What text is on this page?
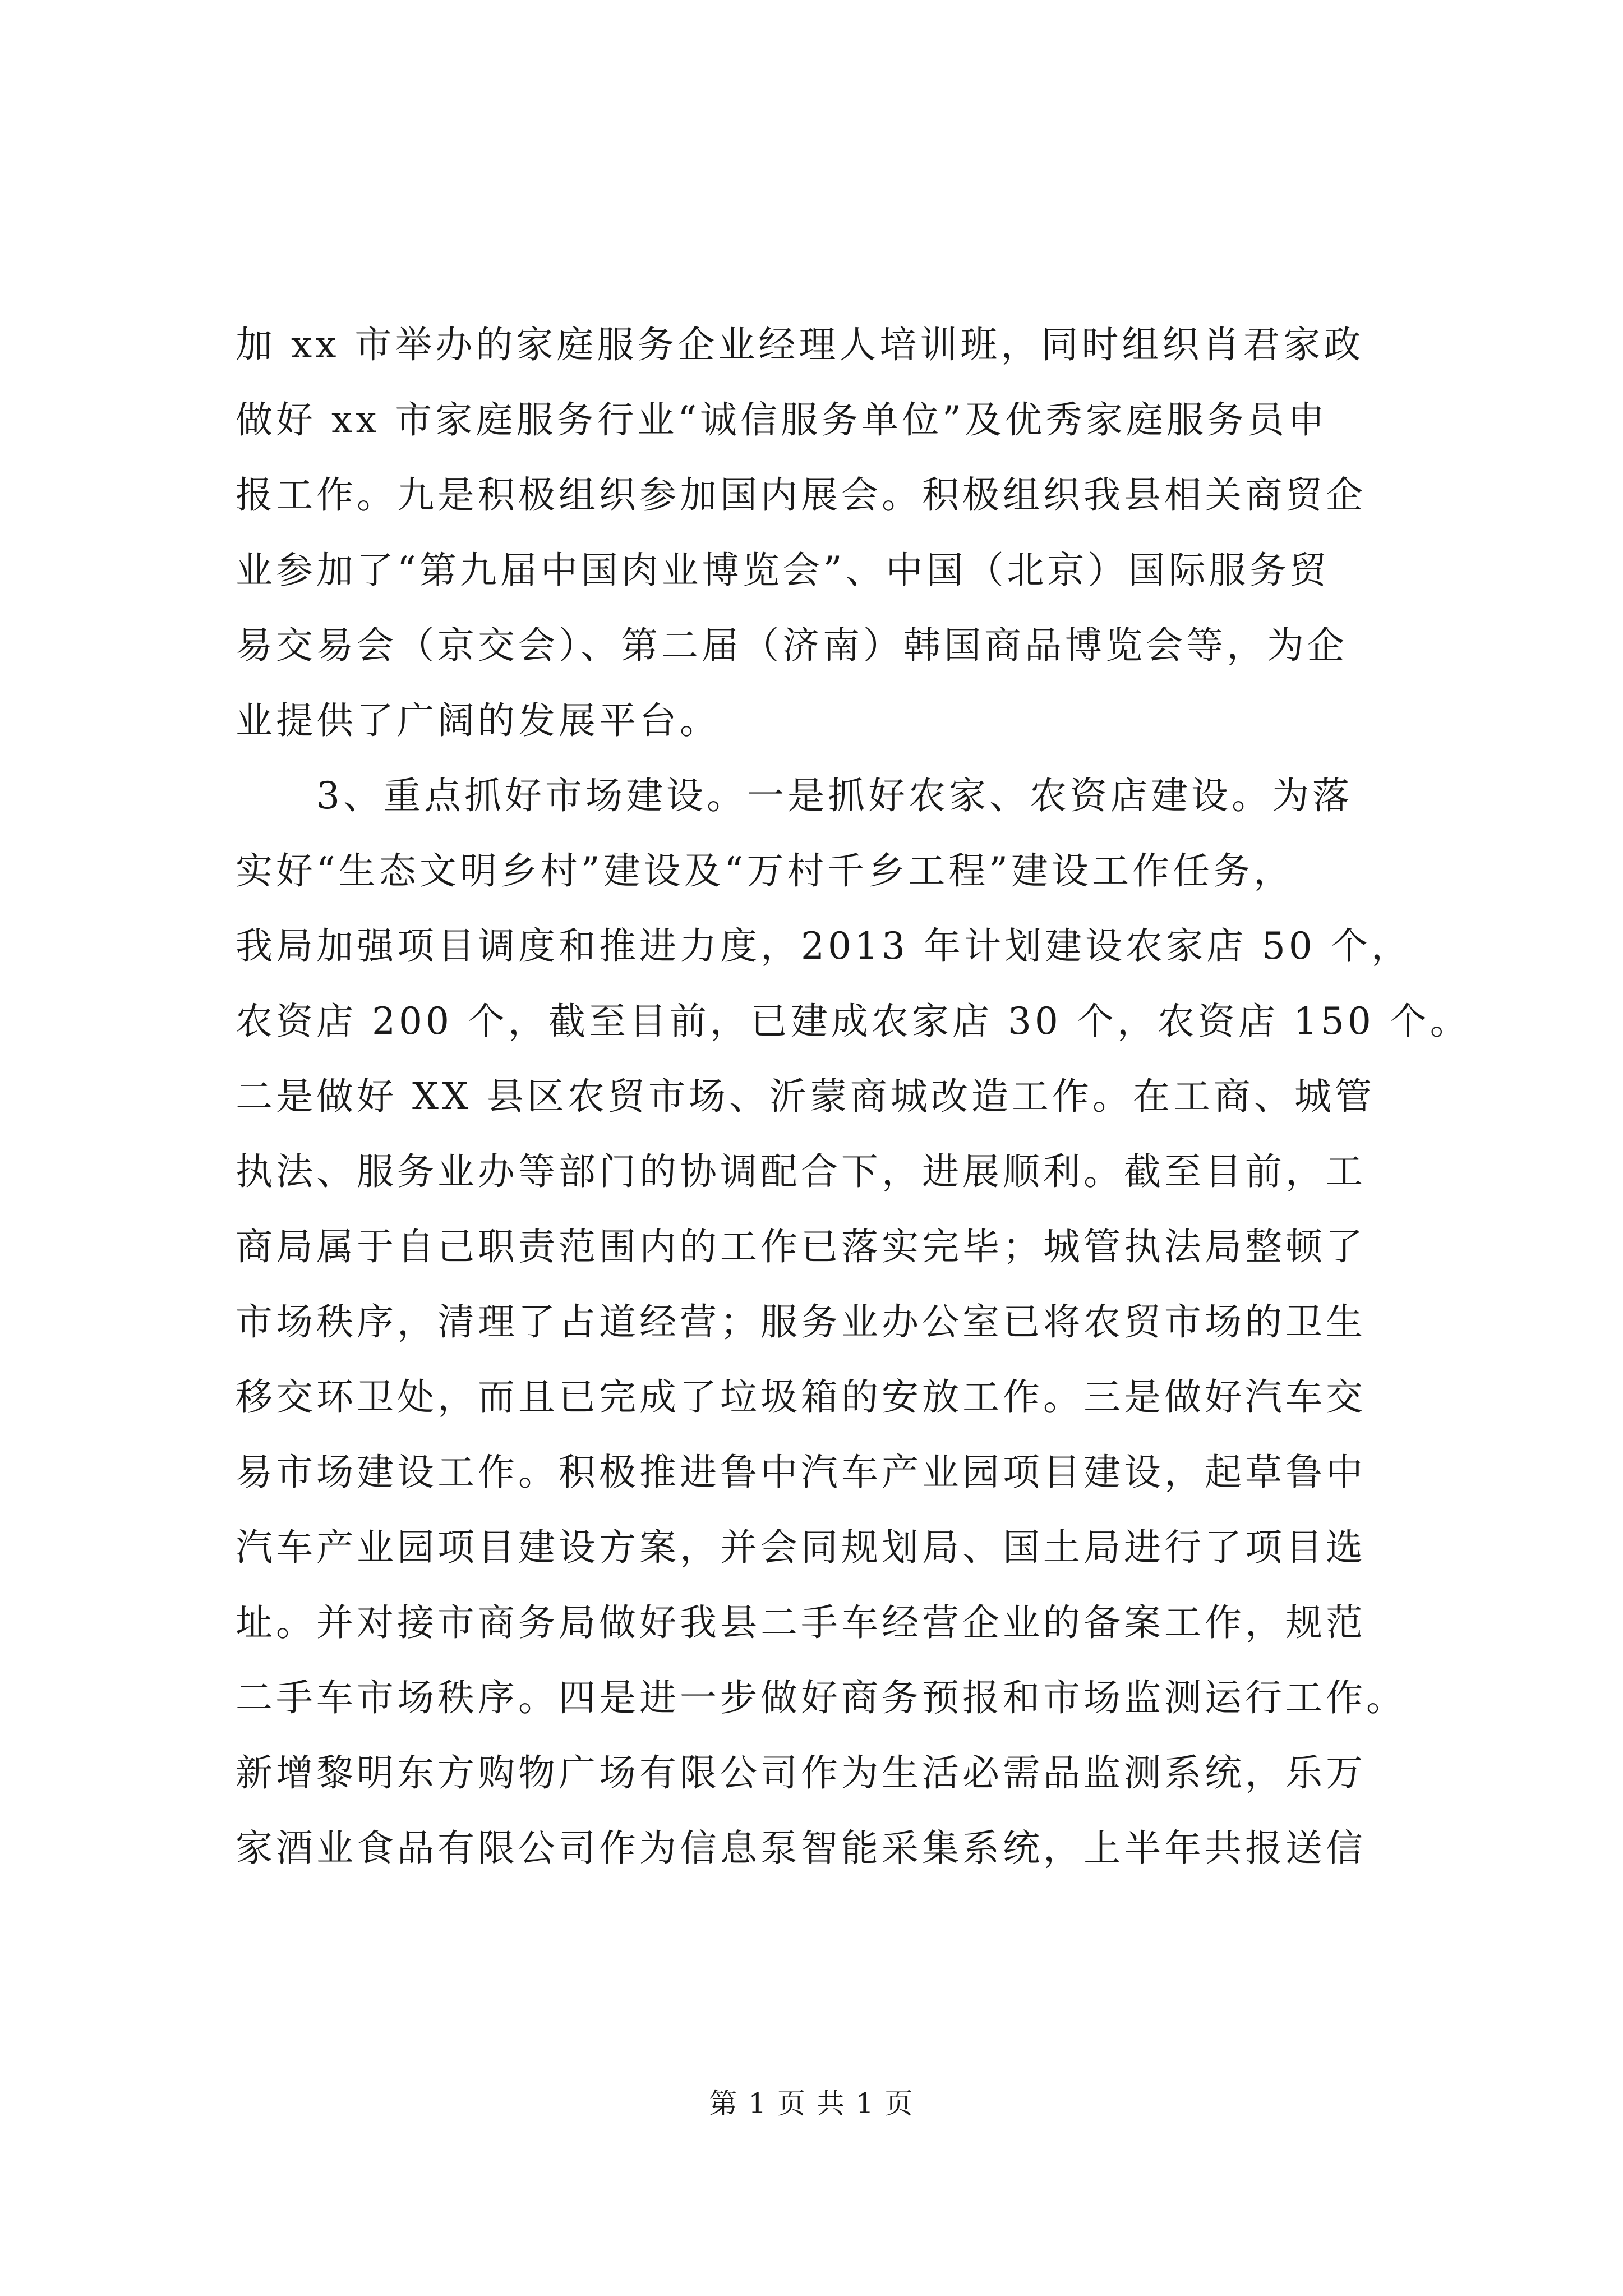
加 xx 市举办的家庭服务企业经理人培训班，同时组织肖君家政
做好 xx 市家庭服务行业“诚信服务单位”及优秀家庭服务员申
报工作。九是积极组织参加国内展会。积极组织我县相关商贸企
业参加了“第九届中国肉业博览会”、中国（北京）国际服务贸
易交易会（京交会）、第二届（济南）韩国商品博览会等，为企
业提供了广阔的发展平台。
　　3、重点抓好市场建设。一是抓好农家、农资店建设。为落
实好“生态文明乡村”建设及“万村千乡工程”建设工作任务，
我局加强项目调度和推进力度，2013 年计划建设农家店 50 个，
农资店 200 个，截至目前，已建成农家店 30 个，农资店 150 个。
二是做好 XX 县区农贸市场、沂蒙商城改造工作。在工商、城管
执法、服务业办等部门的协调配合下，进展顺利。截至目前，工
商局属于自己职责范围内的工作已落实完毕；城管执法局整顿了
市场秩序，清理了占道经营；服务业办公室已将农贸市场的卫生
移交环卫处，而且已完成了垃圾箱的安放工作。三是做好汽车交
易市场建设工作。积极推进鲁中汽车产业园项目建设，起草鲁中
汽车产业园项目建设方案，并会同规划局、国土局进行了项目选
址。并对接市商务局做好我县二手车经营企业的备案工作，规范
二手车市场秩序。四是进一步做好商务预报和市场监测运行工作。
新增黎明东方购物广场有限公司作为生活必需品监测系统，乐万
家酒业食品有限公司作为信息泵智能采集系统，上半年共报送信
第 1 页 共 1 页
